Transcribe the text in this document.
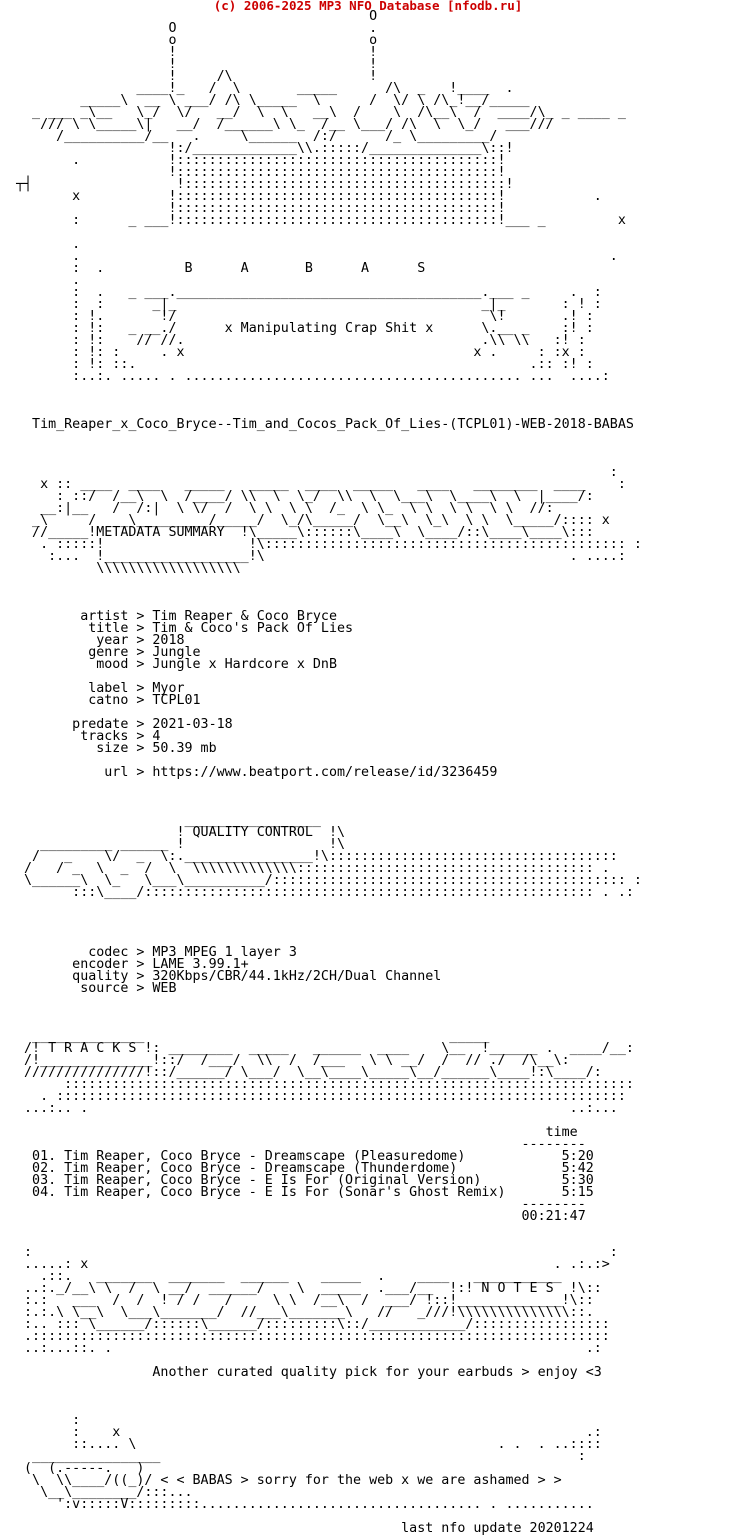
(c) 2006-2025 MP3 NFO Database [nfodb.ru]
O
O                        .
o                        o
!                        !
!                        !
!     /\                 !
____!_   /  \       _____      /\  _   !____  .
_____\  __ \ ___/ /\ \_____  \      /  \/ \ /\_!__/_____
_ ___ _\__   \_/  \/   __/  \  \   __\  /    \  /\__\  /  ____/\_ _ ____ _
/// \ \_____\|   __/  /______\ \_  /__ \___/ /\  \  \_/   ___///
/__________/__   .     \______  /:/      /_ \_________/
!:/_____________\\.:::::/______________\::!
.           !::::::::::::::::::::::::::::::::::::::::!
!::::::::::::::::::::::::::::::::::::::::!
┬┤                  !::::::::::::::::::::::::::::::::::::::::!
x           !::::::::::::::::::::::::::::::::::::::::!           .
!::::::::::::::::::::::::::::::::::::::::!
:      _ ___!::::::::::::::::::::::::::::::::::::::::!___ _         x

.
.                                                                  .
:  .          B      A       B      A      S
.
:  .   _ ___.______________________________________.___ _     .  :
:  :      _|_                                      _|_       : ! :
: !.       !/                                       \!       .! :
: !:   _ __./      x Manipulating Crap Shit x      \.__ _    :! :
: !:    // //.                                     .\\ \\   :! :
: !: :     . x                                    x .     : :x :
: !: ::.                                                 .:: :! :
:..:. ..... . .......................................... ...  ....:

Tim_Reaper_x_Coco_Bryce--Tim_and_Cocos_Pack_Of_Lies-(TCPL01)-WEB-2018-BABAS

:
x :: ____  ____   _____   _____  ____  _____   ____   ________  ____    :
: ::/  /__\  \  /____/ \\  \  \_/  \\  \  \___\  \____\  \  |____/:
__:|__   /  /:|  \ \/  /  \ \  \ \  /_  \ \_  \ \  \ \  \ \  //:
_\     /   _\_________/_____/  \_/\_____/  \__\  \_\  \ \  \_____/:::: x
//_____!METADATA SUMMARY  !\_____\::::::\____\  \____/::\____\____\:::
. :::::!                  !\::::::::::::::::::::::::::::::::::::::::::::: :
:...  !__________________!\                                      . ....:
\\\\\\\\\\\\\\\\\\

artist > Tim Reaper & Coco Bryce
title > Tim & Coco's Pack Of Lies
year > 2018
genre > Jungle
mood > Jungle x Hardcore x DnB

label > Myor
catno > TCPL01

predate > 2021-03-18
tracks > 4
size > 50.39 mb

url > https://www.beatport.com/release/id/3236459

_________________
! QUALITY CONTROL  !\
_________ ______ !                  !\
/   _    \/  _  \:.________________!\::::::::::::::::::::::::::::::::::::
/   / _  \  _  /  \  \\\\\\\\\\\\\::::::::::::::::::::::::::::::::::::: .
\______\  \_   \___\__________/:::::::::::::::::::::::::::::::::::::::::::: :
:::\____/:::::::::::::::::::::::::::::::::::::::::::::::::::::::: . .:

codec > MP3 MPEG 1 layer 3
encoder > LAME 3.99.1+
quality > 320Kbps/CBR/44.1kHz/2CH/Dual Channel
source > WEB

______________                                      _____
/! T R A C K S !: ________  _____   ______  ____    \__  !______ .  ____/__:
/!______________!::/  /___/  \\  /  /___   \ \ __/  /  // ./  /\__\:
///////////////!::/______/ \___/  \__\____\_____\__/______\____!:\____/:
:::::::::::::::::::::::::::::::::::::::::::::::::::::::::::::::::::::::
. :::::::::::::::::::::::::::::::::::::::::::::::::::::::::::::::::::::::
...:.. .                                                            ..:...

time
--------
01. Tim Reaper, Coco Bryce - Dreamscape (Pleasuredome)            5:20
02. Tim Reaper, Coco Bryce - Dreamscape (Thunderdome)             5:42
03. Tim Reaper, Coco Bryce - E Is For (Original Version)          5:30
04. Tim Reaper, Coco Bryce - E Is For (Sonar's Ghost Remix)       5:15
--------
00:21:47

:                                                                        :
.....: x                                                          . .:.:>
.::.   _______  _______  ______    _____  .    ____   ___________
..:._/__\ \  /  \ __/  ______/    \  _____  .___/__  !:! N O T E S  !\::
:.:   ___  /  /  ! / /   /     \ \  /__\  /  ___/ !::!_____________!\::
:.:.\ \__\  \___\_______/  //___\_______\   //   _///!\\\\\\\\\\\\\\::.
:.. ::: \______/::::::\______/:::::::::\::/____________/:::::::::::::::::
.::::::::::::::::::::::::::::::::::::::::::::::::::::::::::::::::::::::::
..:...::. .                                                           .:

Another curated quality pick for your earbuds > enjoy <3

:
:    x                                                          .:
::.... \                                             . .  . ..::::
________________                                                    :
(  (.-----.   )
\  \\____/((_)/ < < BABAS > sorry for the web x we are ashamed > >
\__\________/:::...
':v:::::V:::::::::................................... . ...........

last nfo update 20201224
